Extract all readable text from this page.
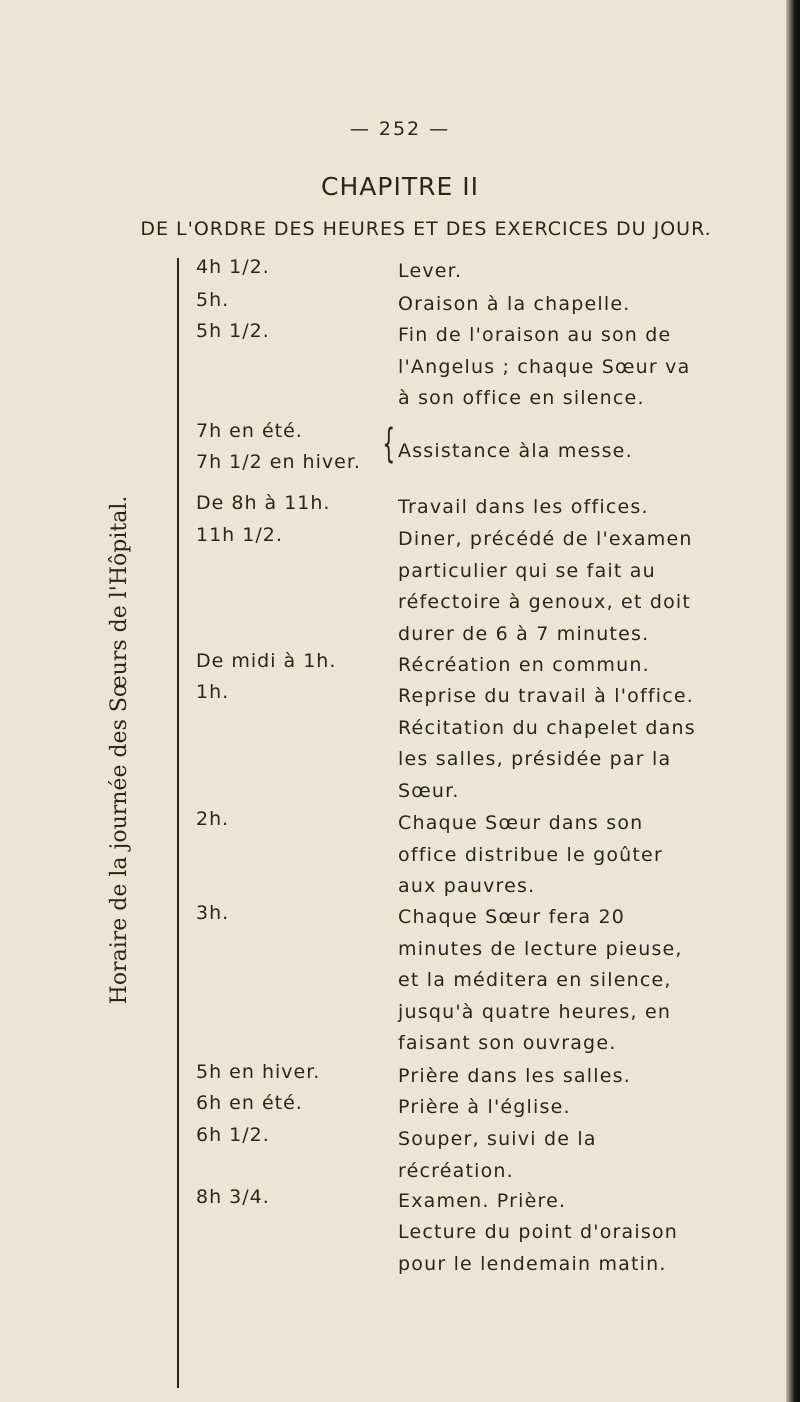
— 252 —
CHAPITRE II
DE L'ORDRE DES HEURES ET DES EXERCICES DU JOUR.
Horaire de la journée des Sœurs de l'Hôpital.
4h 1/2.
5h.
5h 1/2.
7h en été.
7h 1/2 en hiver.
De 8h à 11h.
11h 1/2.
De midi à 1h.
1h.
2h.
3h.
5h en hiver.
6h en été.
6h 1/2.
8h 3/4.
{
Lever.
Oraison à la chapelle.
Fin de l'oraison au son de l'Angelus ; chaque Sœur va à son office en silence.
Assistance àla messe.
Travail dans les offices.
Diner, précédé de l'examen particulier qui se fait au réfectoire à genoux, et doit durer de 6 à 7 minutes.
Récréation en commun.
Reprise du travail à l'office. Récitation du chapelet dans les salles, présidée par la Sœur.
Chaque Sœur dans son office distribue le goûter aux pauvres.
Chaque Sœur fera 20 minutes de lecture pieuse, et la méditera en silence, jusqu'à quatre heures, en faisant son ouvrage.
Prière dans les salles.
Prière à l'église.
Souper, suivi de la récréation.
Examen. Prière.
Lecture du point d'oraison pour le lendemain matin.
